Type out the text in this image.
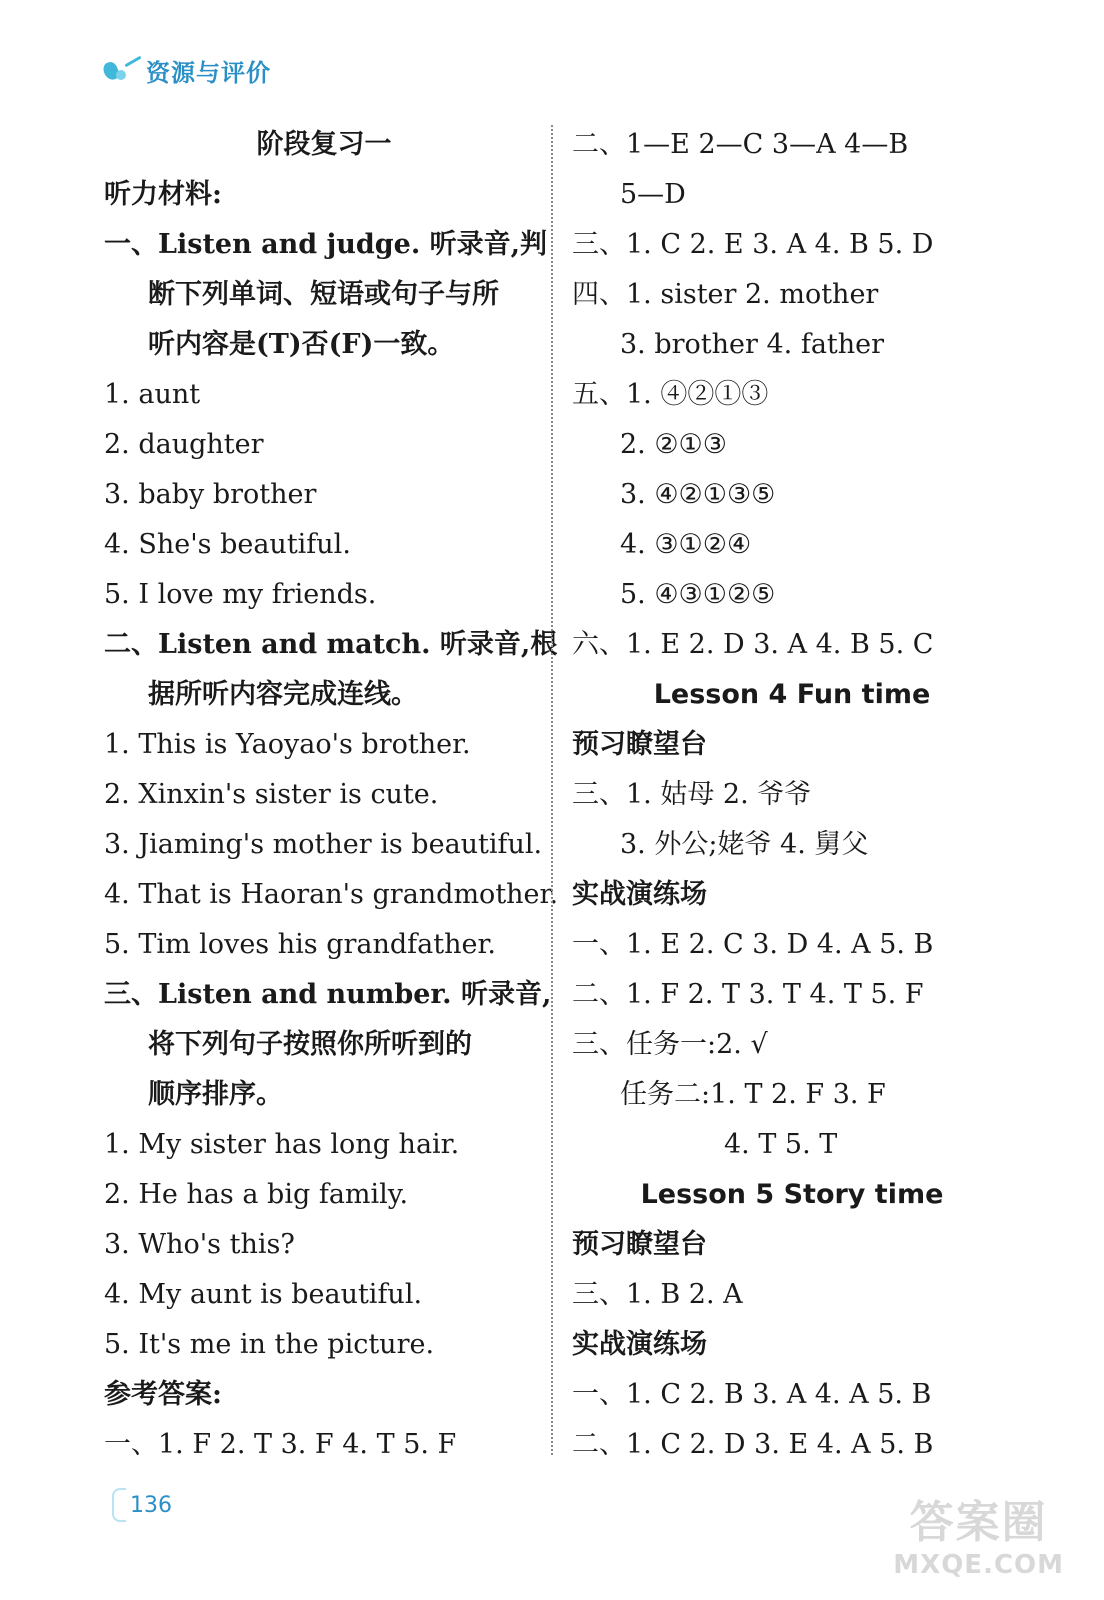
资源与评价
阶段复习一
听力材料:
一、Listen and judge. 听录音,判
断下列单词、短语或句子与所
听内容是(T)否(F)一致。
1. aunt
2. daughter
3. baby brother
4. She's beautiful.
5. I love my friends.
二、Listen and match. 听录音,根
据所听内容完成连线。
1. This is Yaoyao's brother.
2. Xinxin's sister is cute.
3. Jiaming's mother is beautiful.
4. That is Haoran's grandmother.
5. Tim loves his grandfather.
三、Listen and number. 听录音,
将下列句子按照你所听到的
顺序排序。
1. My sister has long hair.
2. He has a big family.
3. Who's this?
4. My aunt is beautiful.
5. It's me in the picture.
参考答案:
一、1. F 2. T 3. F 4. T 5. F
二、1—E 2—C 3—A 4—B
5—D
三、1. C 2. E 3. A 4. B 5. D
四、1. sister 2. mother
3. brother 4. father
五、1. ④②①③
2. ②①③
3. ④②①③⑤
4. ③①②④
5. ④③①②⑤
六、1. E 2. D 3. A 4. B 5. C
Lesson 4 Fun time
预习瞭望台
三、1. 姑母 2. 爷爷
3. 外公;姥爷 4. 舅父
实战演练场
一、1. E 2. C 3. D 4. A 5. B
二、1. F 2. T 3. T 4. T 5. F
三、任务一:2. √
任务二:1. T 2. F 3. F
4. T 5. T
Lesson 5 Story time
预习瞭望台
三、1. B 2. A
实战演练场
一、1. C 2. B 3. A 4. A 5. B
二、1. C 2. D 3. E 4. A 5. B
136	答案圈
MXQE.COM
